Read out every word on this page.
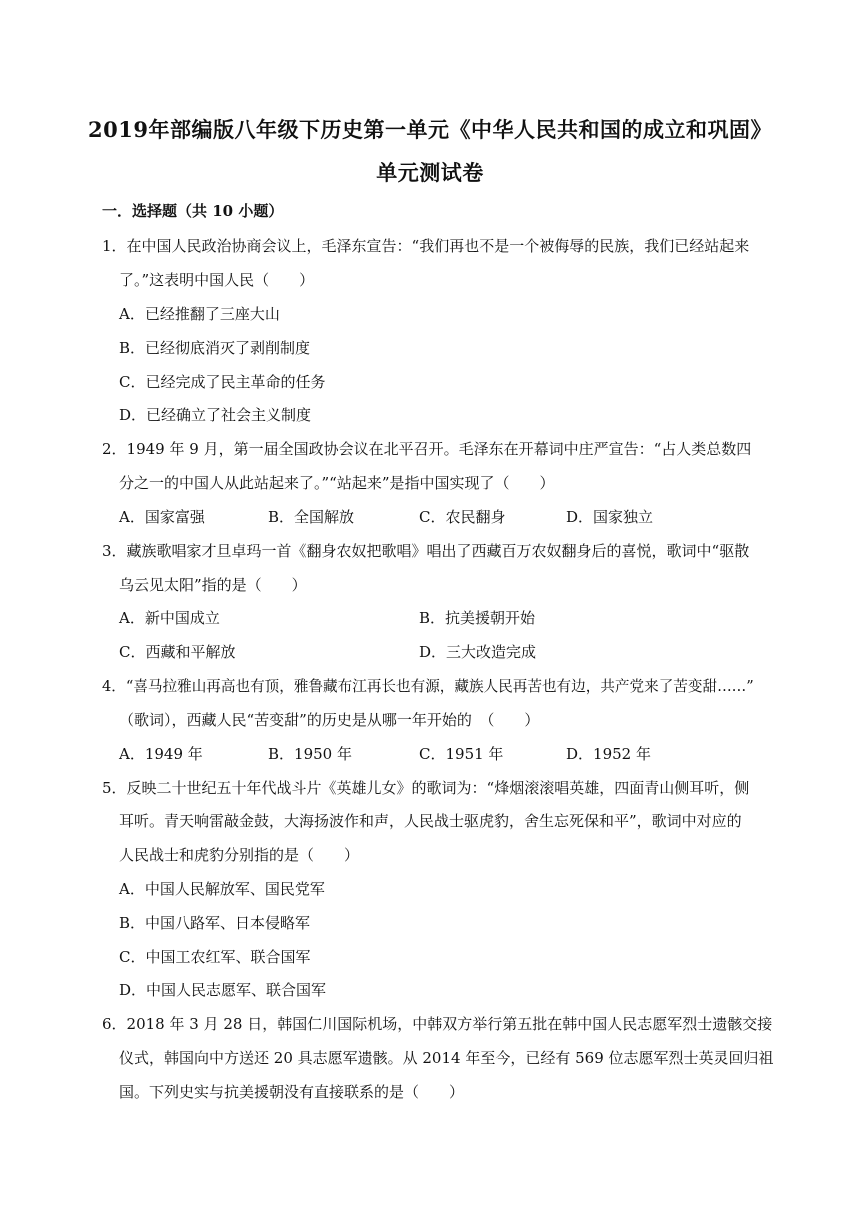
2019年部编版八年级下历史第一单元《中华人民共和国的成立和巩固》
单元测试卷
一．选择题（共 10 小题）
1．在中国人民政治协商会议上，毛泽东宣告：“我们再也不是一个被侮辱的民族，我们已经站起来
了。”这表明中国人民（　　）
A．已经推翻了三座大山
B．已经彻底消灭了剥削制度
C．已经完成了民主革命的任务
D．已经确立了社会主义制度
2．1949 年 9 月，第一届全国政协会议在北平召开。毛泽东在开幕词中庄严宣告：“占人类总数四
分之一的中国人从此站起来了。”“站起来”是指中国实现了（　　）
A．国家富强	B．全国解放	C．农民翻身	D．国家独立
3．藏族歌唱家才旦卓玛一首《翻身农奴把歌唱》唱出了西藏百万农奴翻身后的喜悦，歌词中“驱散
乌云见太阳”指的是（　　）
A．新中国成立	B．抗美援朝开始
C．西藏和平解放	D．三大改造完成
4．“喜马拉雅山再高也有顶，雅鲁藏布江再长也有源，藏族人民再苦也有边，共产党来了苦变甜……”
（歌词），西藏人民“苦变甜”的历史是从哪一年开始的　（　　）
A．1949 年	B．1950 年	C．1951 年	D．1952 年
5．反映二十世纪五十年代战斗片《英雄儿女》的歌词为：“烽烟滚滚唱英雄，四面青山侧耳听，侧
耳听。青天响雷敲金鼓，大海扬波作和声，人民战士驱虎豹，舍生忘死保和平”，歌词中对应的
人民战士和虎豹分别指的是（　　）
A．中国人民解放军、国民党军
B．中国八路军、日本侵略军
C．中国工农红军、联合国军
D．中国人民志愿军、联合国军
6．2018 年 3 月 28 日，韩国仁川国际机场，中韩双方举行第五批在韩中国人民志愿军烈士遗骸交接
仪式，韩国向中方送还 20 具志愿军遗骸。从 2014 年至今，已经有 569 位志愿军烈士英灵回归祖
国。下列史实与抗美援朝没有直接联系的是（　　）
